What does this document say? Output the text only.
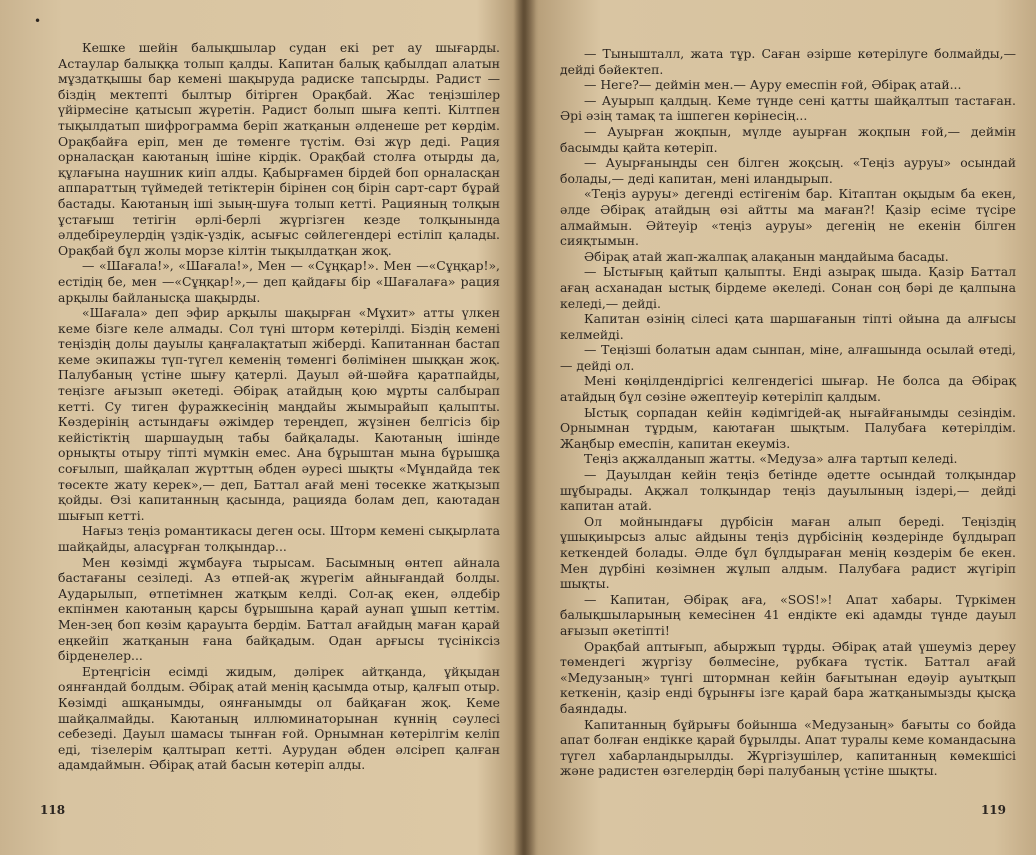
•

Кешке шейін балықшылар судан екі рет ау шығарды. Астаулар балыққа толып қалды. Капитан балық қабылдап алатын мұздатқышы бар кемені шақыруда радиске тапсырды. Радист — біздің мектепті былтыр бітірген Орақбай. Жас теңізшілер үйірмесіне қатысып жүретін. Радист болып шыға кепті. Кілтпен тықылдатып шифрограмма беріп жатқанын әлденеше рет көрдім. Орақбайға еріп, мен де төменге түстім. Өзі жүр деді. Рация орналасқан каютаның ішіне кірдік. Орақбай столға отырды да, құлағына наушник киіп алды. Қабырғамен бірдей боп орналасқан аппараттың түймедей тетіктерін бірінен соң бірін сарт-сарт бұрай бастады. Каютаның іші зыың-шуға толып кетті. Рацияның толқын ұстағыш тетігін әрлі-берлі жүргізген кезде толқынында әлдебіреулердің үздік-үздік, асығыс сөйлегендері естіліп қалады. Орақбай бұл жолы морзе кілтін тықылдатқан жоқ.

— «Шағала!», «Шағала!», Мен — «Сұңқар!». Мен —«Сұңқар!», естідің бе, мен —«Сұңқар!»,— деп қайдағы бір «Шағалаға» рация арқылы байланысқа шақырды.

«Шағала» деп эфир арқылы шақырған «Мұхит» атты үлкен кеме бізге келе алмады. Сол түні шторм көтерілді. Біздің кемені теңіздің долы дауылы қаңғалақтатып жіберді. Капитаннан бастап кеме экипажы түп-түгел кеменің төменгі бөлімінен шыққан жоқ. Палубаның үстіне шығу қатерлі. Дауыл әй-шәйға қаратпайды, теңізге ағызып әкетеді. Әбірақ атайдың қою мұрты салбырап кетті. Су тиген фуражкесінің маңдайы жымырайып қалыпты. Көздерінің астындағы әжімдер тереңдеп, жүзінен белгісіз бір кейістіктің шаршаудың табы байқалады. Каютаның ішінде орнықты отыру тіпті мүмкін емес. Ана бұрыштан мына бұрышқа соғылып, шайқалап жүрттың әбден әуресі шықты «Мұндайда тек төсекте жату керек»,— деп, Баттал ағай мені төсекке жатқызып қойды. Өзі капитанның қасында, рацияда болам деп, каютадан шығып кетті.

Нағыз теңіз романтикасы деген осы. Шторм кемені сықырлата шайқайды, аласұрған толқындар...

Мен көзімді жұмбауға тырысам. Басымның өнтеп айнала бастағаны сезіледі. Аз өтпей-ақ жүрегім айнығандай болды. Аударылып, өтпетімнен жатқым келді. Сол-ақ екен, әлдебір екпінмен каютаның қарсы бұрышына қарай аунап ұшып кеттім. Мен-зең боп көзім қарауыта бердім. Баттал ағайдың маған қарай еңкейіп жатқанын ғана байқадым. Одан арғысы түсініксіз бірденелер...

Ертеңгісін есімді жидым, дәлірек айтқанда, ұйқыдан оянғандай болдым. Әбірақ атай менің қасымда отыр, қалғып отыр. Көзімді ашқанымды, оянғанымды ол байқаған жоқ. Кеме шайқалмайды. Каютаның иллюминаторынан күннің сәулесі себезеді. Дауыл шамасы тынған ғой. Орнымнан көтерілгім келіп еді, тізелерім қалтырап кетті. Аурудан әбден әлсіреп қалған адамдаймын. Әбірақ атай басын көтеріп алды.

118

— Тынышталл, жата тұр. Саған әзірше көтерілуге болмайды,— дейді бәйектеп.

— Неге?— деймін мен.— Ауру емеспін ғой, Әбірақ атай...

— Ауырып қалдың. Кеме түнде сені қатты шайқалтып тастаған. Әрі әзің тамақ та ішпеген көрінесің...

— Ауырған жоқпын, мүлде ауырған жоқпын ғой,— деймін басымды қайта көтеріп.

— Ауырғаныңды сен білген жоқсың. «Теңіз ауруы» осындай болады,— деді капитан, мені иландырып.

«Теңіз ауруы» дегенді естігенім бар. Кітаптан оқыдым ба екен, әлде Әбірақ атайдың өзі айтты ма маған?! Қазір есіме түсіре алмаймын. Әйтеуір «теңіз ауруы» дегенің не екенін білген сияқтымын.

Әбірақ атай жап-жалпақ алақанын маңдайыма басады.

— Ыстығың қайтып қалыпты. Енді азырақ шыда. Қазір Баттал ағаң асханадан ыстық бірдеме әкеледі. Сонан соң бәрі де қалпына келеді,— дейді.

Капитан өзінің сілесі қата шаршағанын тіпті ойына да алғысы келмейді.

— Теңізші болатын адам сынпан, міне, алғашында осылай өтеді,— дейді ол.

Мені көңілдендіргісі келгендегісі шығар. Не болса да Әбірақ атайдың бұл сөзіне әжептеуір көтеріліп қалдым.

Ыстық сорпадан кейін кәдімгідей-ақ нығайғанымды сезіндім. Орнымнан тұрдым, каютаған шықтым. Палубаға көтерілдім. Жаңбыр емеспін, капитан екеуміз.

Теңіз ақжалданып жатты. «Медуза» алға тартып келеді.

— Дауылдан кейін теңіз бетінде әдетте осындай толқындар шұбырады. Ақжал толқындар теңіз дауылының іздері,— дейді капитан атай.

Ол мойнындағы дүрбісін маған алып береді. Теңіздің ұшықиырсыз алыс айдыны теңіз дүрбісінің көздерінде бұлдырап кеткендей болады. Әлде бұл бұлдыраған менің көздерім бе екен. Мен дүрбіні көзімнен жұлып алдым. Палубаға радист жүгіріп шықты.

— Капитан, Әбірақ аға, «SOS!»! Апат хабары. Түркімен балықшыларының кемесінен 41 ендікте екі адамды түнде дауыл ағызып әкетіпті!

Орақбай аптығып, абыржып тұрды. Әбірақ атай үшеуміз дереу төмендегі жүргізу бөлмесіне, рубкаға түстік. Баттал ағай «Медузаның» түнгі штормнан кейін бағытынан едәуір ауытқып кеткенін, қазір енді бұрынғы ізге қарай бара жатқанымызды қысқа баяндады.

Капитанның бұйрығы бойынша «Медузаның» бағыты со бойда апат болған ендікке қарай бұрылды. Апат туралы кеме командасына түгел хабарландырылды. Жүргізушілер, капитанның көмекшісі және радистен өзгелердің бәрі палубаның үстіне шықты.

119
